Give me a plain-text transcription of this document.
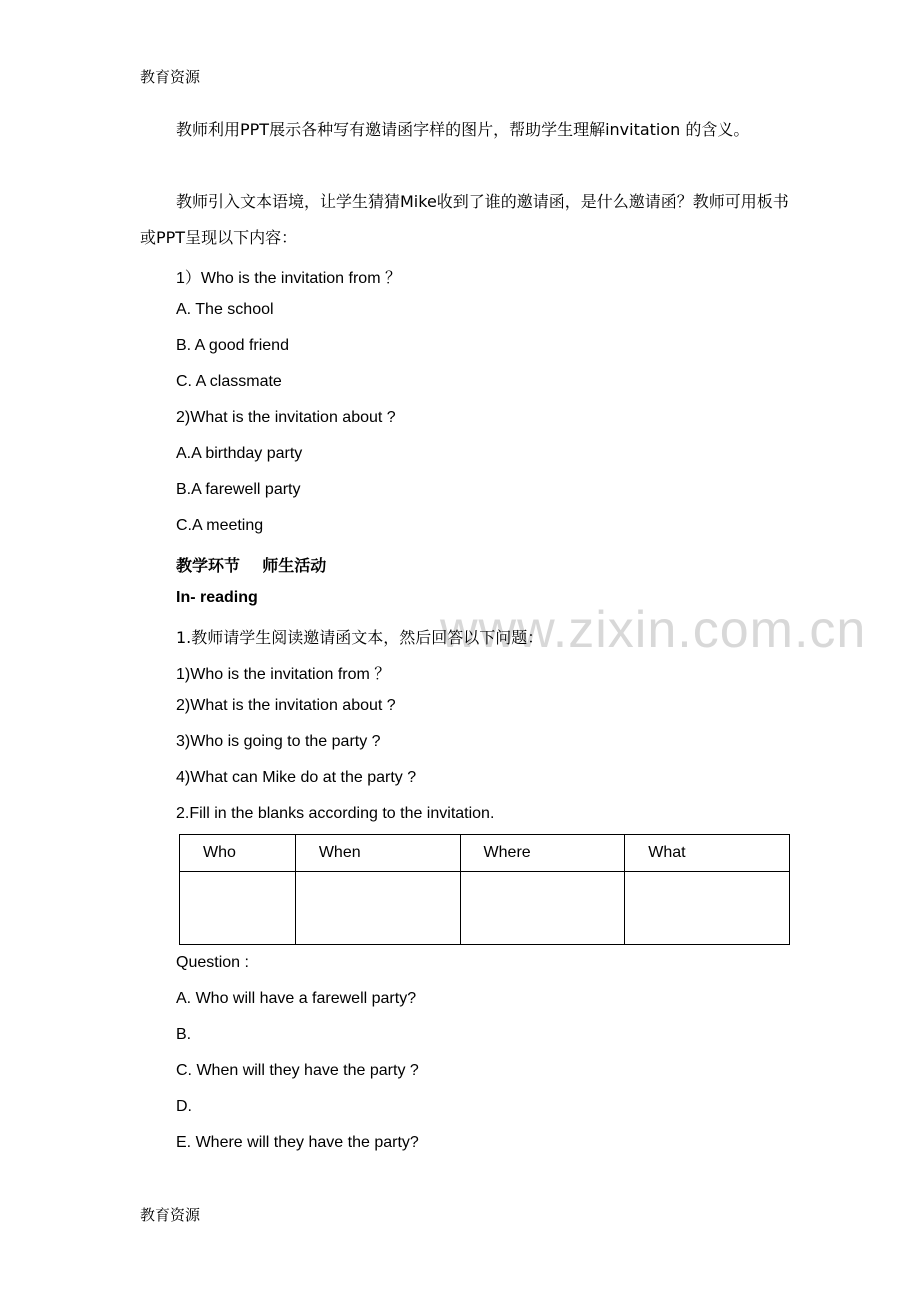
教育资源
教师利用PPT展示各种写有邀请函字样的图片，帮助学生理解invitation 的含义。
教师引入文本语境，让学生猜猜Mike收到了谁的邀请函，是什么邀请函？教师可用板书或PPT呈现以下内容：
1）Who is the invitation from ？
A. The school
B. A good friend
C. A classmate
2)What is the invitation about ?
A.A birthday party
B.A farewell party
C.A meeting
教学环节    师生活动
In- reading
www.zixin.com.cn
1.教师请学生阅读邀请函文本，然后回答以下问题：
1)Who is the invitation from ？
2)What is the invitation about ?
3)Who is going to the party ?
4)What can Mike do at the party ?
2.Fill in the blanks according to the invitation.
Who	When	Where	What

Question :
A. Who will have a farewell party?
B.
C. When will they have the party ?
D.
E. Where will they have the party?
教育资源
